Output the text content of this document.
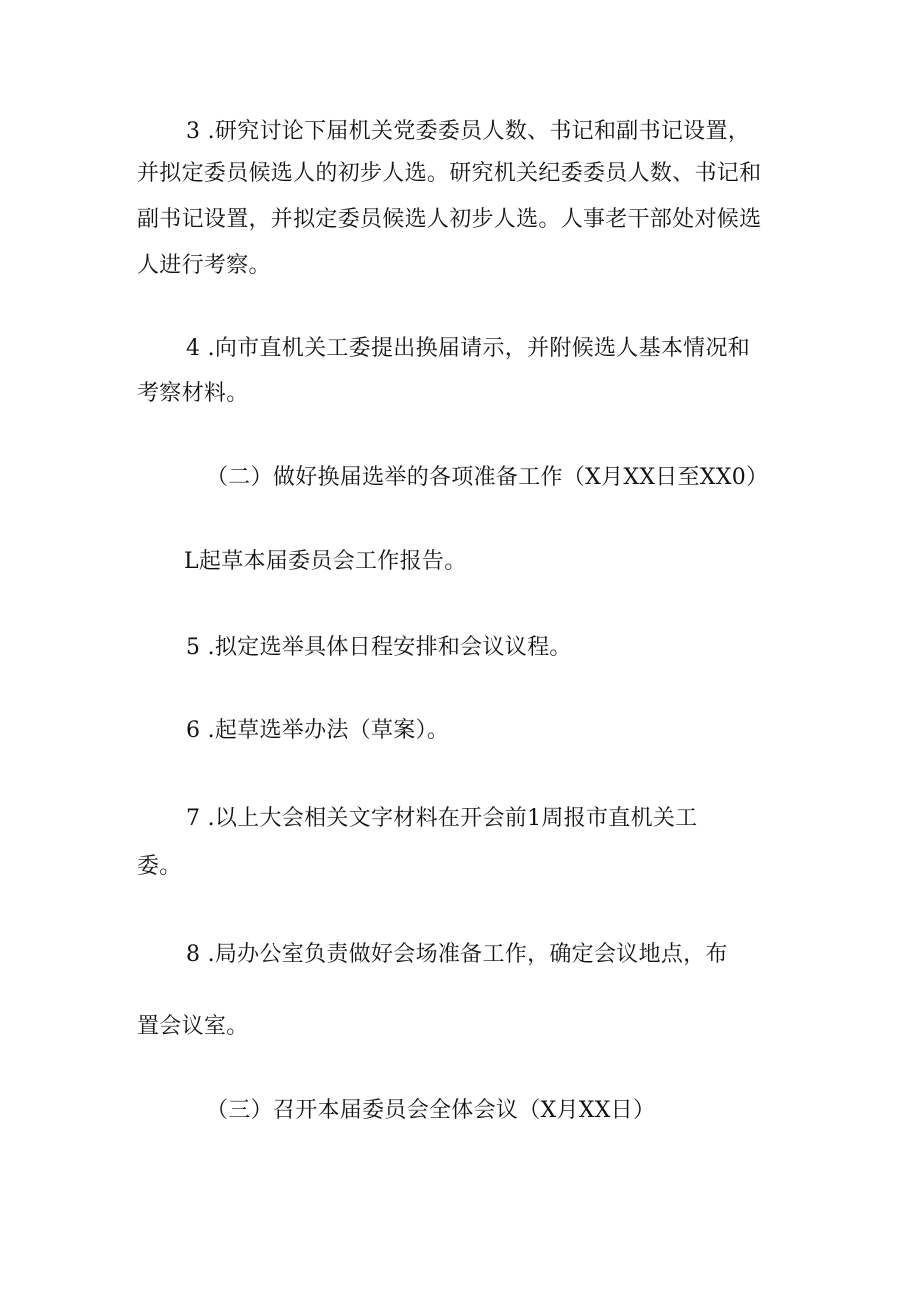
3 .研究讨论下届机关党委委员人数、书记和副书记设置，
并拟定委员候选人的初步人选。研究机关纪委委员人数、书记和
副书记设置，并拟定委员候选人初步人选。人事老干部处对候选
人进行考察。
4 .向市直机关工委提出换届请示，并附候选人基本情况和
考察材料。
（二）做好换届选举的各项准备工作（X月XX日至XX0）
L起草本届委员会工作报告。
5 .拟定选举具体日程安排和会议议程。
6 .起草选举办法（草案）。
7 .以上大会相关文字材料在开会前1周报市直机关工
委。
8 .局办公室负责做好会场准备工作，确定会议地点，布
置会议室。
（三）召开本届委员会全体会议（X月XX日）
